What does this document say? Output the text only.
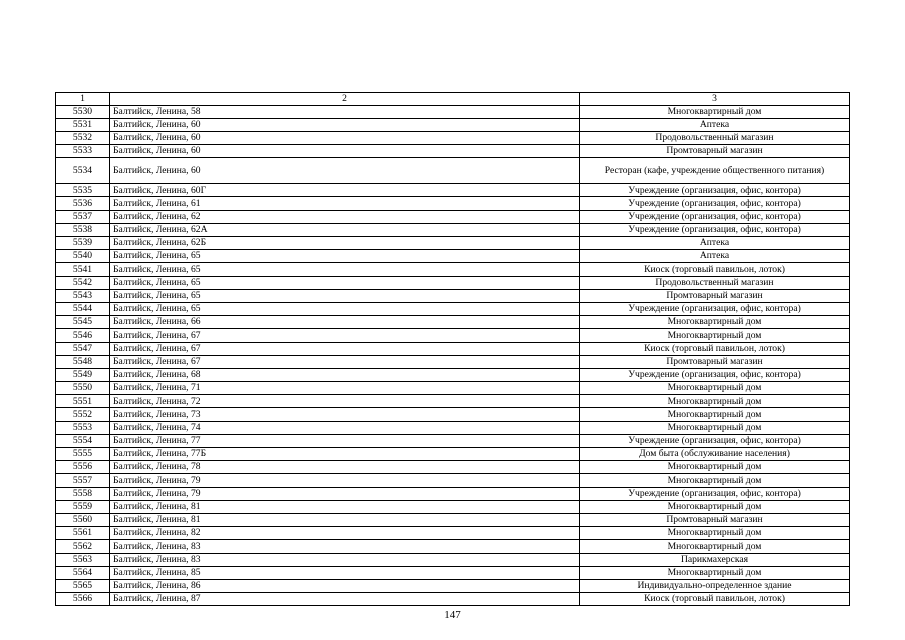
1	2	3
5530	Балтийск, Ленина, 58	Многоквартирный дом
5531	Балтийск, Ленина, 60	Аптека
5532	Балтийск, Ленина, 60	Продовольственный магазин
5533	Балтийск, Ленина, 60	Промтоварный магазин
5534	Балтийск, Ленина, 60	Ресторан (кафе, учреждение общественного питания)
5535	Балтийск, Ленина, 60Г	Учреждение (организация, офис, контора)
5536	Балтийск, Ленина, 61	Учреждение (организация, офис, контора)
5537	Балтийск, Ленина, 62	Учреждение (организация, офис, контора)
5538	Балтийск, Ленина, 62А	Учреждение (организация, офис, контора)
5539	Балтийск, Ленина, 62Б	Аптека
5540	Балтийск, Ленина, 65	Аптека
5541	Балтийск, Ленина, 65	Киоск (торговый павильон, лоток)
5542	Балтийск, Ленина, 65	Продовольственный магазин
5543	Балтийск, Ленина, 65	Промтоварный магазин
5544	Балтийск, Ленина, 65	Учреждение (организация, офис, контора)
5545	Балтийск, Ленина, 66	Многоквартирный дом
5546	Балтийск, Ленина, 67	Многоквартирный дом
5547	Балтийск, Ленина, 67	Киоск (торговый павильон, лоток)
5548	Балтийск, Ленина, 67	Промтоварный магазин
5549	Балтийск, Ленина, 68	Учреждение (организация, офис, контора)
5550	Балтийск, Ленина, 71	Многоквартирный дом
5551	Балтийск, Ленина, 72	Многоквартирный дом
5552	Балтийск, Ленина, 73	Многоквартирный дом
5553	Балтийск, Ленина, 74	Многоквартирный дом
5554	Балтийск, Ленина, 77	Учреждение (организация, офис, контора)
5555	Балтийск, Ленина, 77Б	Дом быта (обслуживание населения)
5556	Балтийск, Ленина, 78	Многоквартирный дом
5557	Балтийск, Ленина, 79	Многоквартирный дом
5558	Балтийск, Ленина, 79	Учреждение (организация, офис, контора)
5559	Балтийск, Ленина, 81	Многоквартирный дом
5560	Балтийск, Ленина, 81	Промтоварный магазин
5561	Балтийск, Ленина, 82	Многоквартирный дом
5562	Балтийск, Ленина, 83	Многоквартирный дом
5563	Балтийск, Ленина, 83	Парикмахерская
5564	Балтийск, Ленина, 85	Многоквартирный дом
5565	Балтийск, Ленина, 86	Индивидуально-определенное здание
5566	Балтийск, Ленина, 87	Киоск (торговый павильон, лоток)
147
